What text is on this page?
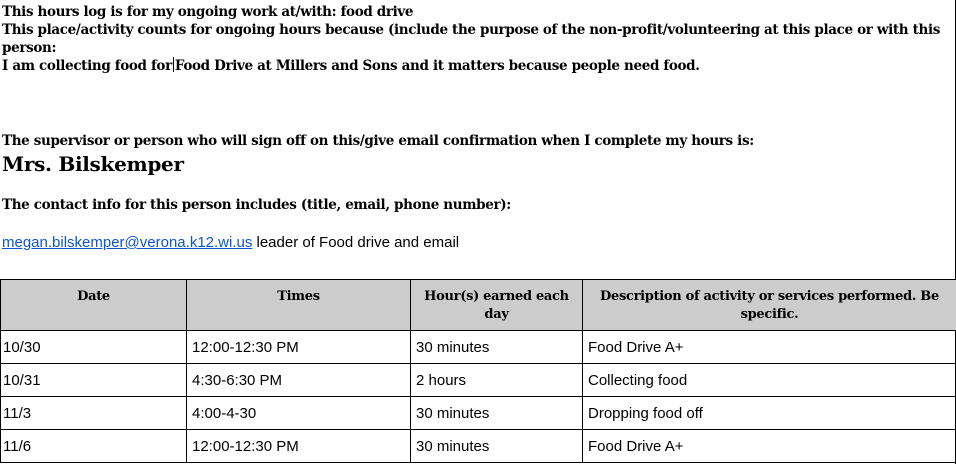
This hours log is for my ongoing work at/with: food drive

This place/activity counts for ongoing hours because (include the purpose of the non-profit/volunteering at this place or with this person:

I am collecting food for Food Drive at Millers and Sons and it matters because people need food.

The supervisor or person who will sign off on this/give email confirmation when I complete my hours is:
Mrs. Bilskemper
The contact info for this person includes (title, email, phone number):
megan.bilskemper@verona.k12.wi.us leader of Food drive and email
Date	Times	Hour(s) earned each day	Description of activity or services performed. Be specific.
10/30	12:00-12:30 PM	30 minutes	Food Drive A+
10/31	4:30-6:30 PM	2 hours	Collecting food
11/3	4:00-4-30	30 minutes	Dropping food off
11/6	12:00-12:30 PM	30 minutes	Food Drive A+
